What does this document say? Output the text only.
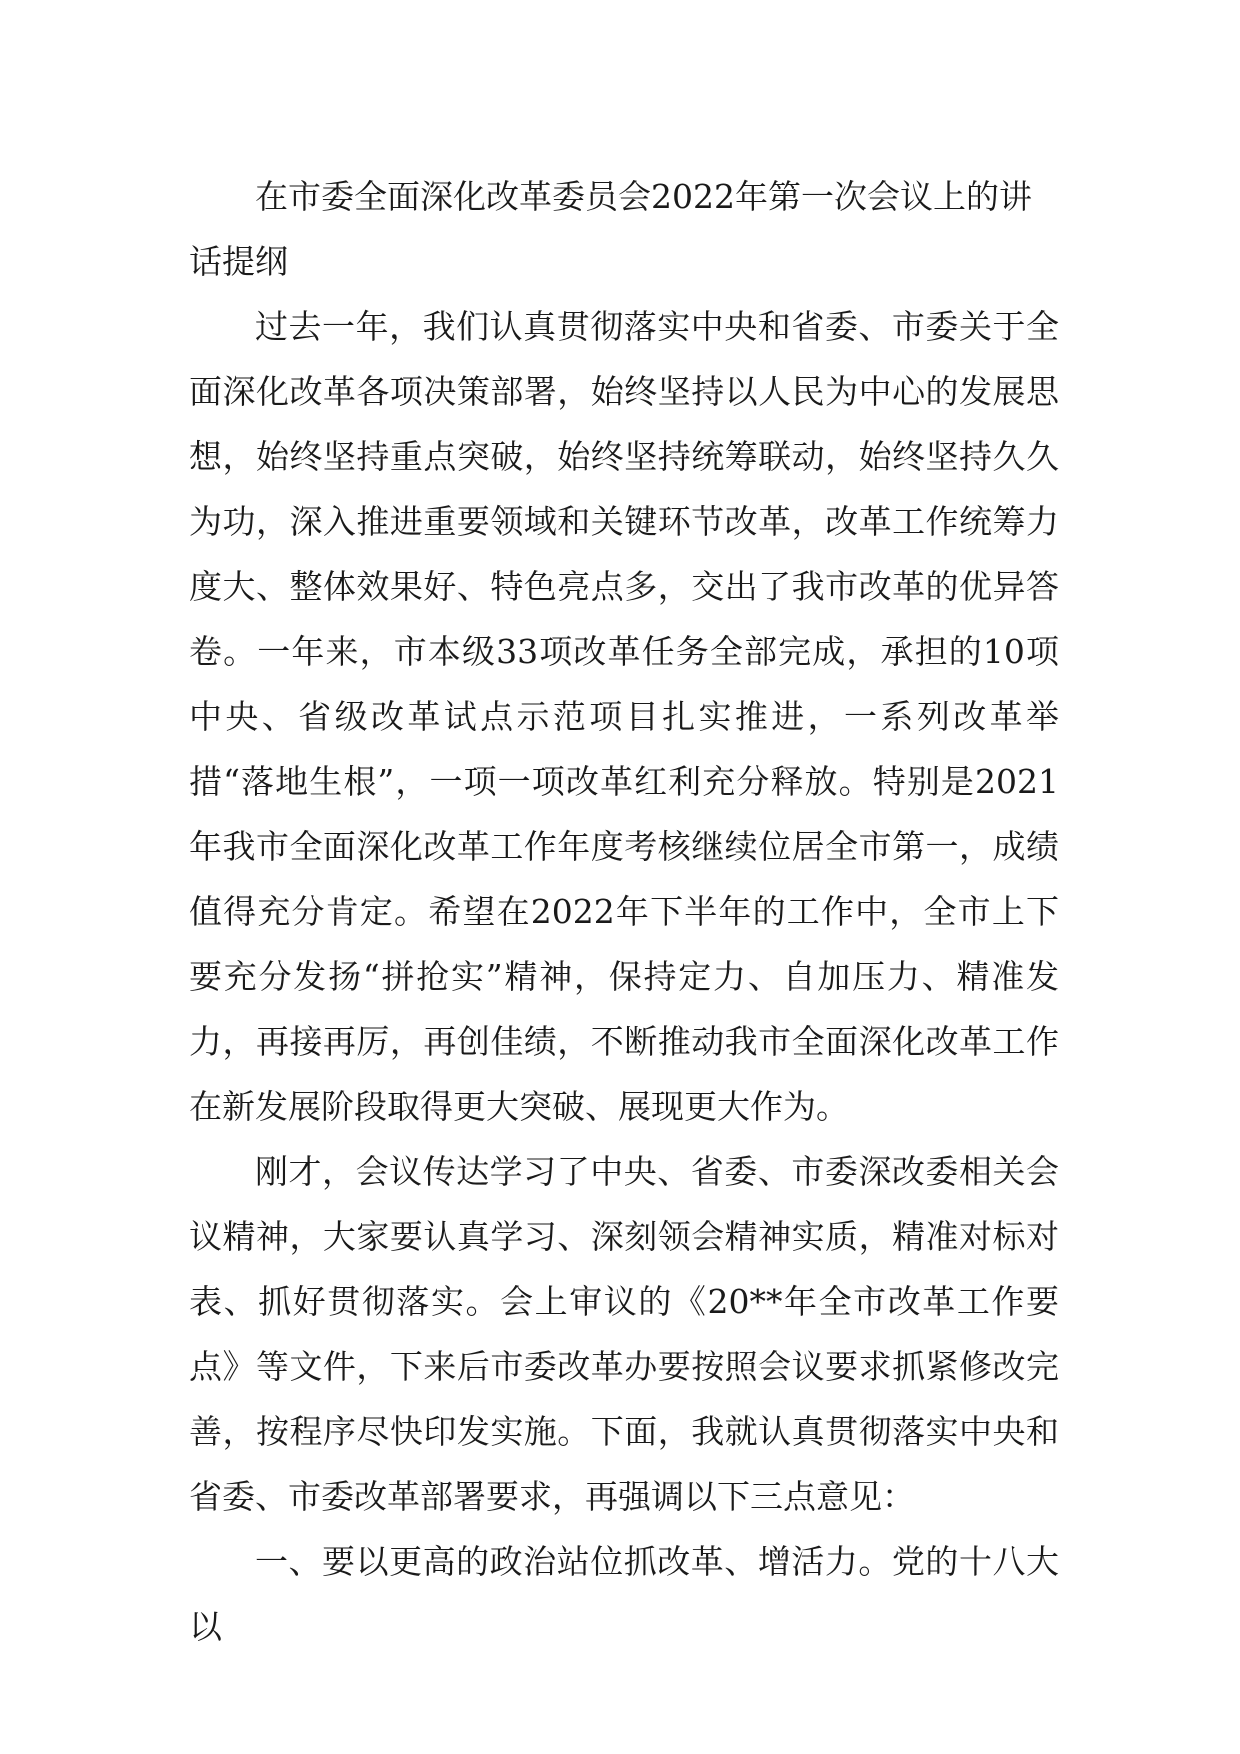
在市委全面深化改革委员会2022年第一次会议上的讲话提纲

过去一年，我们认真贯彻落实中央和省委、市委关于全面深化改革各项决策部署，始终坚持以人民为中心的发展思想，始终坚持重点突破，始终坚持统筹联动，始终坚持久久为功，深入推进重要领域和关键环节改革，改革工作统筹力度大、整体效果好、特色亮点多，交出了我市改革的优异答卷。一年来，市本级33项改革任务全部完成，承担的10项中央、省级改革试点示范项目扎实推进，一系列改革举措“落地生根”，一项一项改革红利充分释放。特别是2021年我市全面深化改革工作年度考核继续位居全市第一，成绩值得充分肯定。希望在2022年下半年的工作中，全市上下要充分发扬“拼抢实”精神，保持定力、自加压力、精准发力，再接再厉，再创佳绩，不断推动我市全面深化改革工作在新发展阶段取得更大突破、展现更大作为。

刚才，会议传达学习了中央、省委、市委深改委相关会议精神，大家要认真学习、深刻领会精神实质，精准对标对表、抓好贯彻落实。会上审议的《20**年全市改革工作要点》等文件，下来后市委改革办要按照会议要求抓紧修改完善，按程序尽快印发实施。下面，我就认真贯彻落实中央和省委、市委改革部署要求，再强调以下三点意见：

一、要以更高的政治站位抓改革、增活力。党的十八大以
